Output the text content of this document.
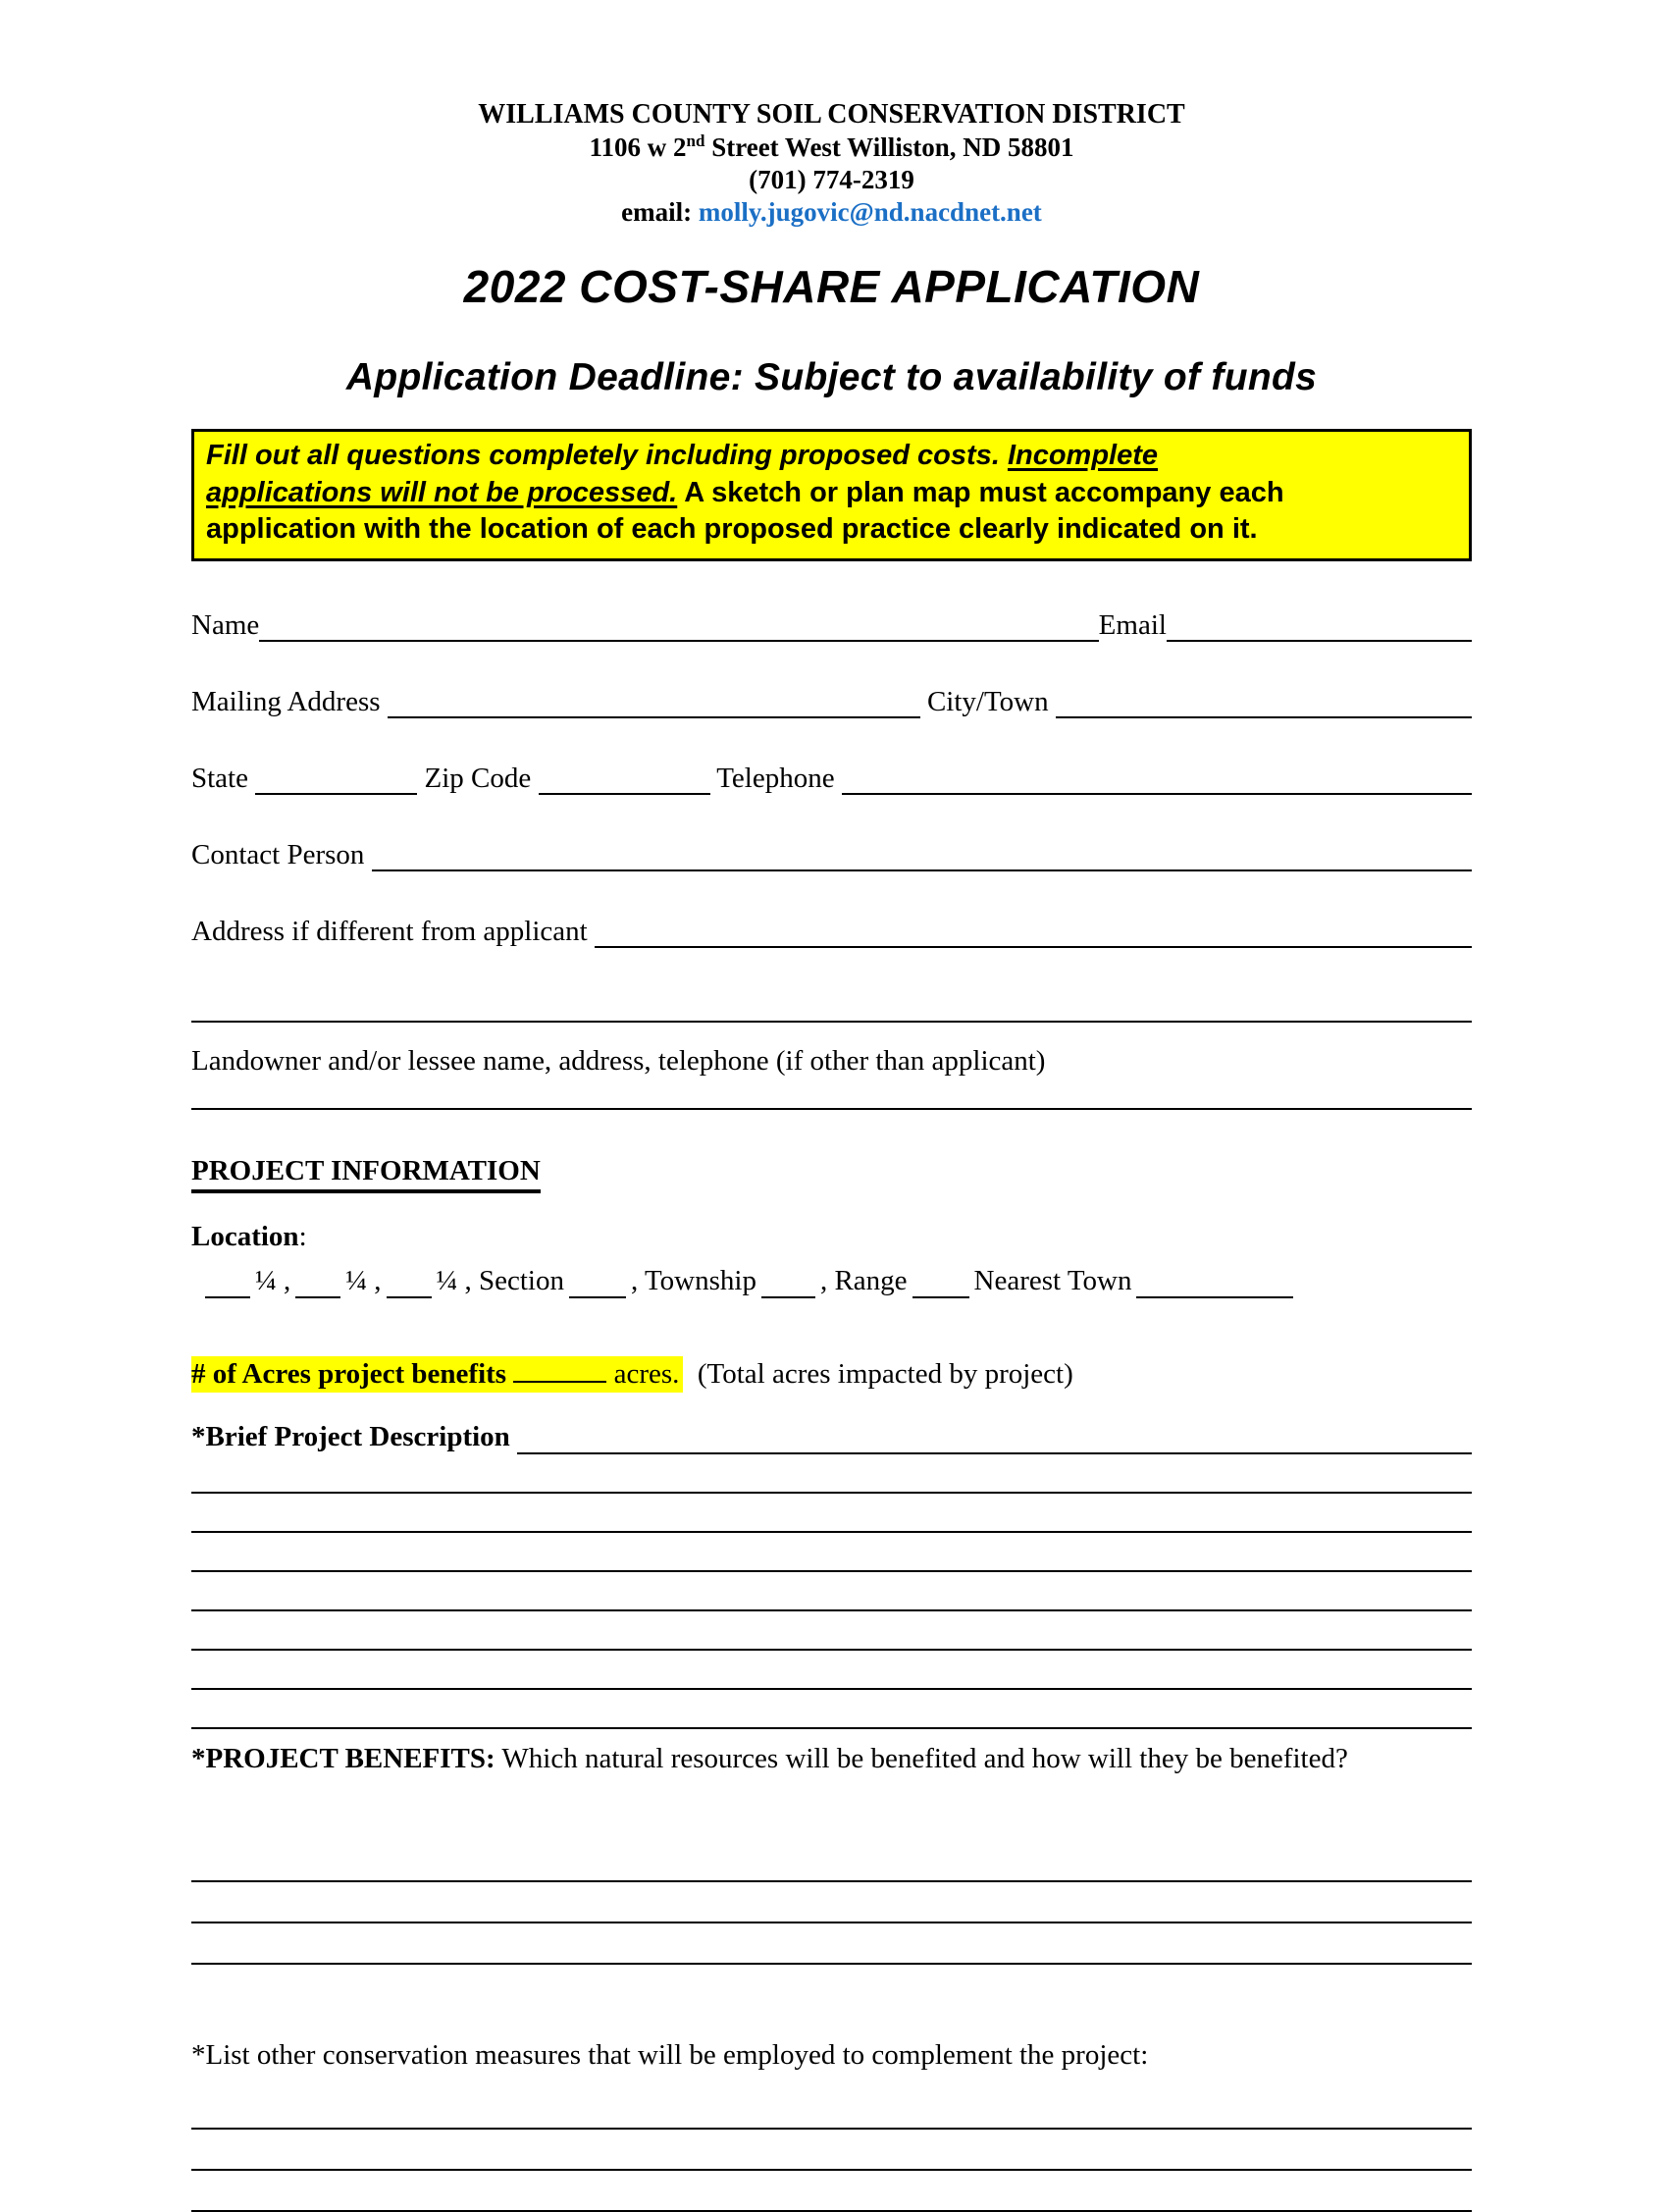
WILLIAMS COUNTY SOIL CONSERVATION DISTRICT
1106 w 2nd Street West Williston, ND 58801
(701) 774-2319
email: molly.jugovic@nd.nacdnet.net
2022 COST-SHARE APPLICATION
Application Deadline: Subject to availability of funds
Fill out all questions completely including proposed costs. Incomplete
applications will not be processed. A sketch or plan map must accompany each
application with the location of each proposed practice clearly indicated on it.
Name	Email
Mailing Address	City/Town
State	Zip Code	Telephone
Contact Person
Address if different from applicant
Landowner and/or lessee name, address, telephone (if other than applicant)
PROJECT INFORMATION
Location:
¼ , ¼ , ¼ , Section , Township , Range Nearest Town
# of Acres project benefits	acres.  (Total acres impacted by project)
*Brief Project Description
*PROJECT BENEFITS: Which natural resources will be benefited and how will they be benefited?
*List other conservation measures that will be employed to complement the project:
